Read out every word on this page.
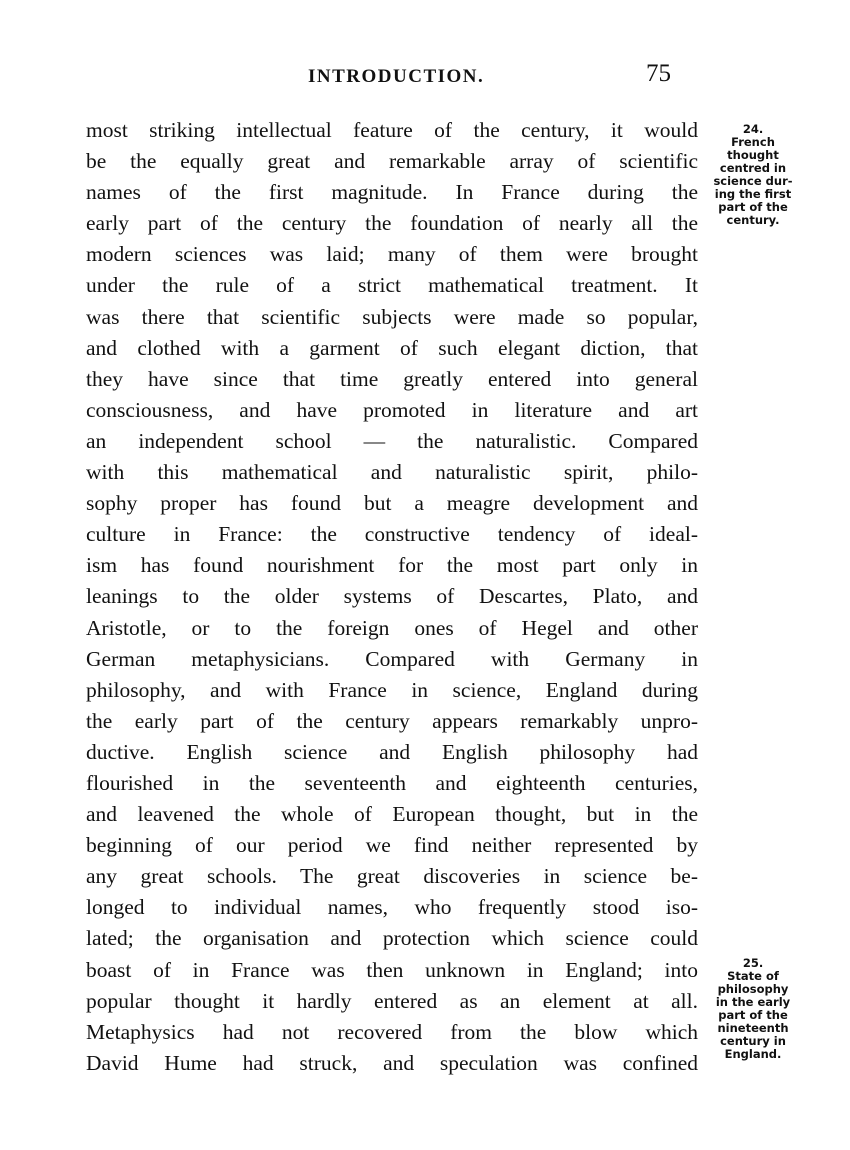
INTRODUCTION.	75
most striking intellectual feature of the century, it would
be the equally great and remarkable array of scientific
names of the first magnitude. In France during the
early part of the century the foundation of nearly all the
modern sciences was laid; many of them were brought
under the rule of a strict mathematical treatment. It
was there that scientific subjects were made so popular,
and clothed with a garment of such elegant diction, that
they have since that time greatly entered into general
consciousness, and have promoted in literature and art
an independent school — the naturalistic. Compared
with this mathematical and naturalistic spirit, philo-
sophy proper has found but a meagre development and
culture in France: the constructive tendency of ideal-
ism has found nourishment for the most part only in
leanings to the older systems of Descartes, Plato, and
Aristotle, or to the foreign ones of Hegel and other
German metaphysicians. Compared with Germany in
philosophy, and with France in science, England during
the early part of the century appears remarkably unpro-
ductive. English science and English philosophy had
flourished in the seventeenth and eighteenth centuries,
and leavened the whole of European thought, but in the
beginning of our period we find neither represented by
any great schools. The great discoveries in science be-
longed to individual names, who frequently stood iso-
lated; the organisation and protection which science could
boast of in France was then unknown in England; into
popular thought it hardly entered as an element at all.
Metaphysics had not recovered from the blow which
David Hume had struck, and speculation was confined
24.
French
thought
centred in
science dur-
ing the first
part of the
century.
25.
State of
philosophy
in the early
part of the
nineteenth
century in
England.
